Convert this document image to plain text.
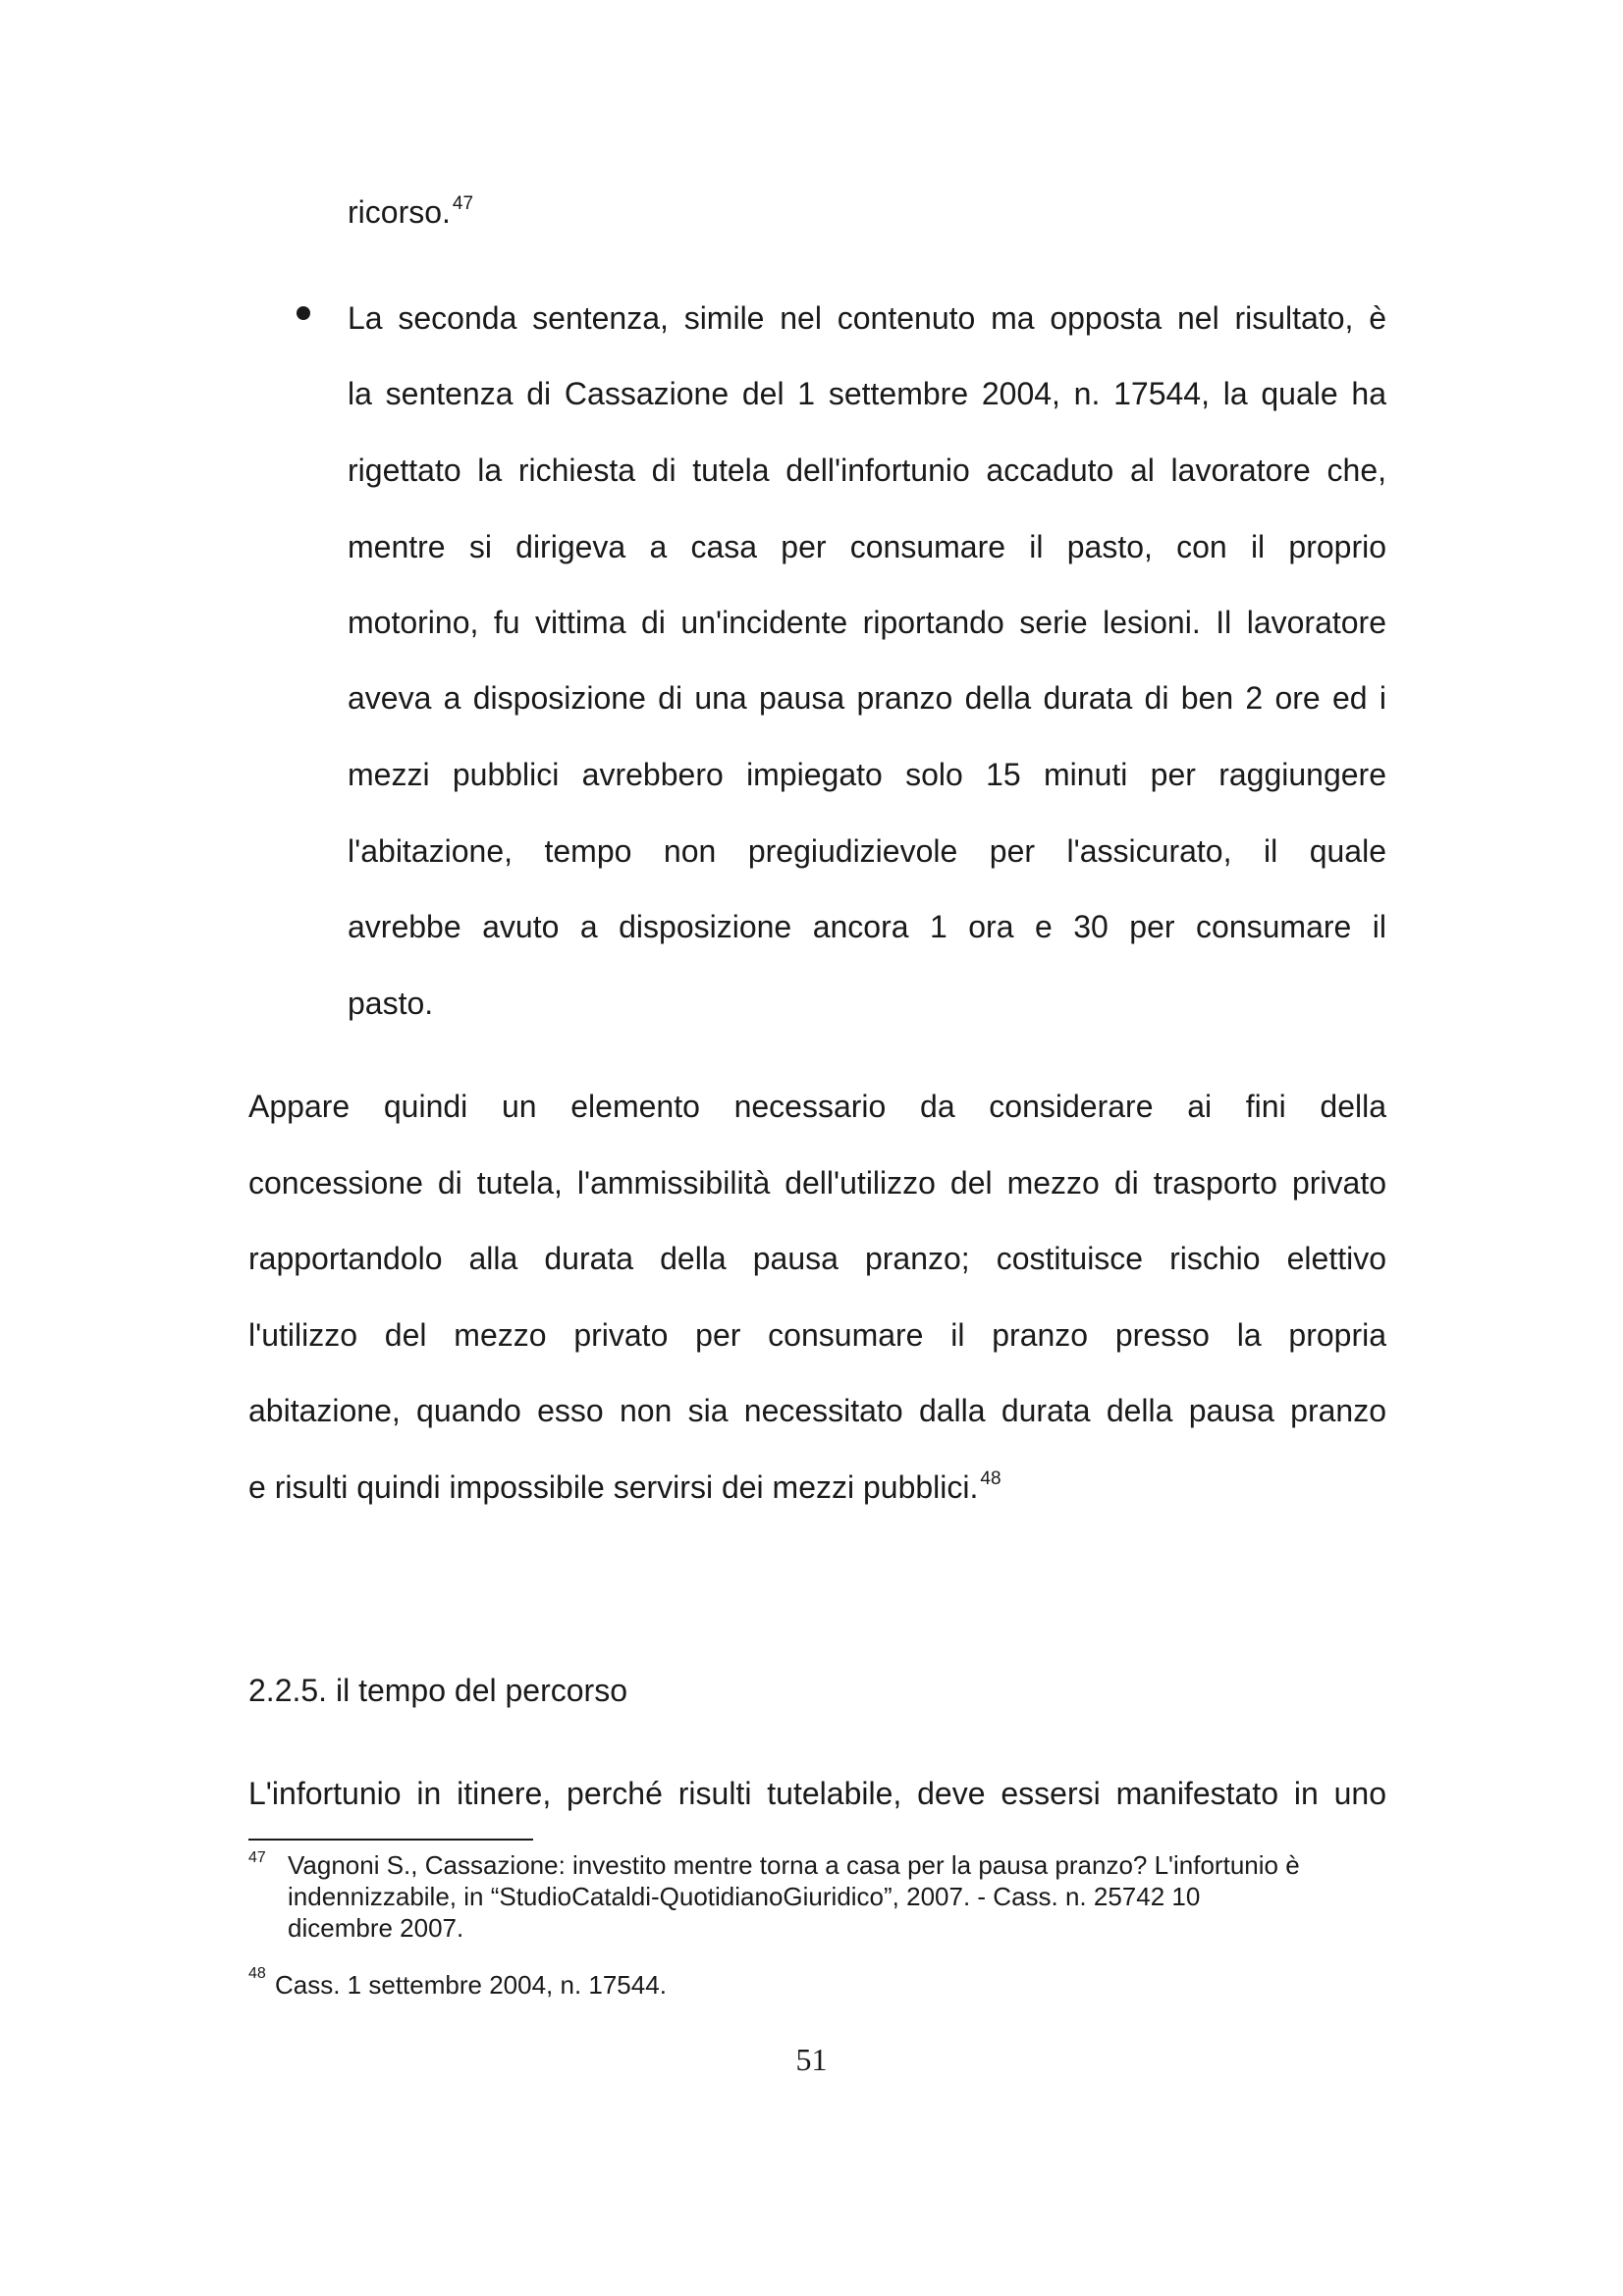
ricorso. $^{47}$
La seconda sentenza, simile nel contenuto ma opposta nel risultato, è
la sentenza di Cassazione del 1 settembre 2004, n. 17544, la quale ha
rigettato la richiesta di tutela dell'infortunio accaduto al lavoratore che,
mentre si dirigeva a casa per consumare il pasto, con il proprio
motorino, fu vittima di un'incidente riportando serie lesioni. Il lavoratore
aveva a disposizione di una pausa pranzo della durata di ben 2 ore ed i
mezzi pubblici avrebbero impiegato solo 15 minuti per raggiungere
l'abitazione, tempo non pregiudizievole per l'assicurato, il quale
avrebbe avuto a disposizione ancora 1 ora e 30 per consumare il
pasto.
Appare quindi un elemento necessario da considerare ai fini della
concessione di tutela, l'ammissibilità dell'utilizzo del mezzo di trasporto privato
rapportandolo alla durata della pausa pranzo; costituisce rischio elettivo
l'utilizzo del mezzo privato per consumare il pranzo presso la propria
abitazione, quando esso non sia necessitato dalla durata della pausa pranzo
e risulti quindi impossibile servirsi dei mezzi pubblici. $^{48}$
2.2.5. il tempo del percorso
L'infortunio in itinere, perché risulti tutelabile, deve essersi manifestato in uno
47 Vagnoni S., Cassazione: investito mentre torna a casa per la pausa pranzo? L'infortunio è
indennizzabile, in “StudioCataldi-QuotidianoGiuridico”, 2007. - Cass. n. 25742 10
dicembre 2007.
48 Cass. 1 settembre 2004, n. 17544.
51
